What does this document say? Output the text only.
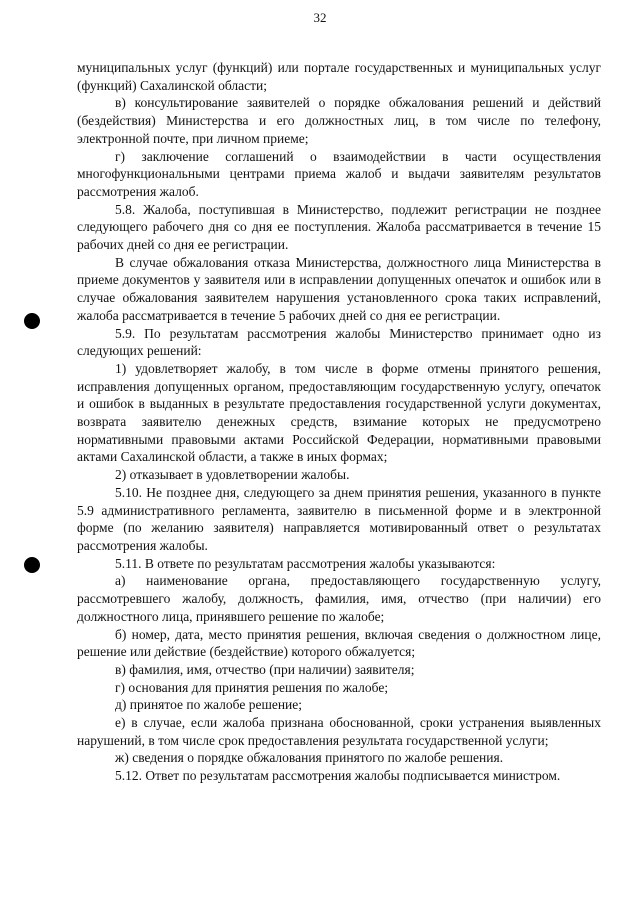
32

муниципальных услуг (функций) или портале государственных и муниципальных услуг (функций) Сахалинской области;

в) консультирование заявителей о порядке обжалования решений и действий (бездействия) Министерства и его должностных лиц, в том числе по телефону, электронной почте, при личном приеме;

г) заключение соглашений о взаимодействии в части осуществления многофункциональными центрами приема жалоб и выдачи заявителям результатов рассмотрения жалоб.

5.8. Жалоба, поступившая в Министерство, подлежит регистрации не позднее следующего рабочего дня со дня ее поступления. Жалоба рассматривается в течение 15 рабочих дней со дня ее регистрации.

В случае обжалования отказа Министерства, должностного лица Министерства в приеме документов у заявителя или в исправлении допущенных опечаток и ошибок или в случае обжалования заявителем нарушения установленного срока таких исправлений, жалоба рассматривается в течение 5 рабочих дней со дня ее регистрации.

5.9. По результатам рассмотрения жалобы Министерство принимает одно из следующих решений:

1) удовлетворяет жалобу, в том числе в форме отмены принятого решения, исправления допущенных органом, предоставляющим государственную услугу, опечаток и ошибок в выданных в результате предоставления государственной услуги документах, возврата заявителю денежных средств, взимание которых не предусмотрено нормативными правовыми актами Российской Федерации, нормативными правовыми актами Сахалинской области, а также в иных формах;

2) отказывает в удовлетворении жалобы.

5.10. Не позднее дня, следующего за днем принятия решения, указанного в пункте 5.9 административного регламента, заявителю в письменной форме и в электронной форме (по желанию заявителя) направляется мотивированный ответ о результатах рассмотрения жалобы.

5.11. В ответе по результатам рассмотрения жалобы указываются:

а) наименование органа, предоставляющего государственную услугу, рассмотревшего жалобу, должность, фамилия, имя, отчество (при наличии) его должностного лица, принявшего решение по жалобе;

б) номер, дата, место принятия решения, включая сведения о должностном лице, решение или действие (бездействие) которого обжалуется;

в) фамилия, имя, отчество (при наличии) заявителя;

г) основания для принятия решения по жалобе;

д) принятое по жалобе решение;

е) в случае, если жалоба признана обоснованной, сроки устранения выявленных нарушений, в том числе срок предоставления результата государственной услуги;

ж) сведения о порядке обжалования принятого по жалобе решения.

5.12. Ответ по результатам рассмотрения жалобы подписывается министром.
